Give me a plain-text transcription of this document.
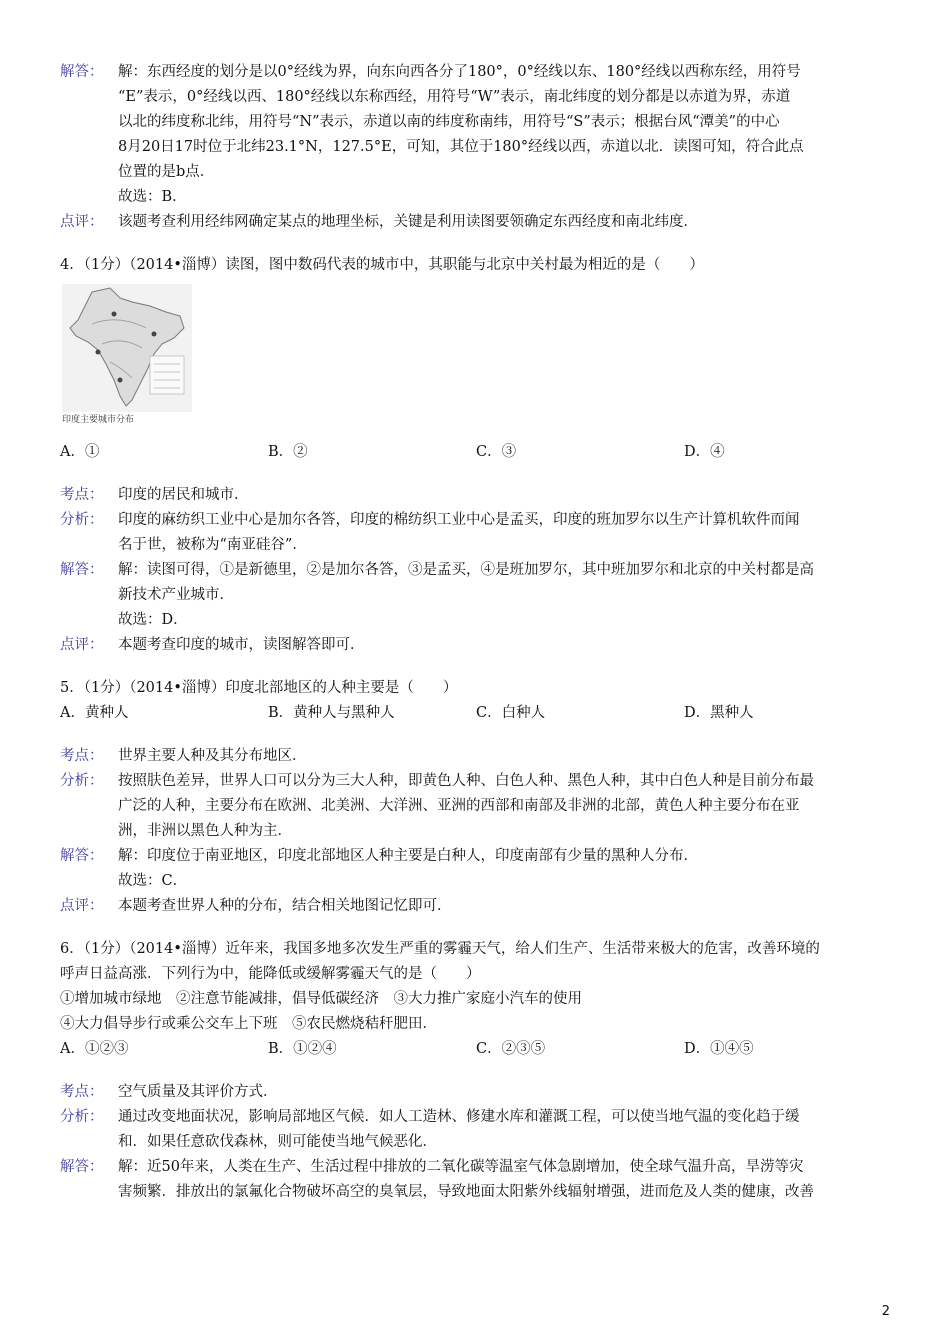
解答：	解：东西经度的划分是以0°经线为界，向东向西各分了180°，0°经线以东、180°经线以西称东经，用符号
“E”表示，0°经线以西、180°经线以东称西经，用符号“W”表示，南北纬度的划分都是以赤道为界，赤道
以北的纬度称北纬，用符号“N”表示，赤道以南的纬度称南纬，用符号“S”表示；根据台风“潭美”的中心
8月20日17时位于北纬23.1°N，127.5°E，可知，其位于180°经线以西，赤道以北．读图可知，符合此点
位置的是b点．
故选：B．
点评：	该题考查利用经纬网确定某点的地理坐标，关键是利用读图要领确定东西经度和南北纬度．
4．（1分）（2014•淄博）读图，图中数码代表的城市中，其职能与北京中关村最为相近的是（　　）
印度主要城市分布
A．①	B．②	C．③	D．④
考点：	印度的居民和城市．
分析：	印度的麻纺织工业中心是加尔各答，印度的棉纺织工业中心是孟买，印度的班加罗尔以生产计算机软件而闻
名于世，被称为“南亚硅谷”．
解答：	解：读图可得，①是新德里，②是加尔各答，③是孟买，④是班加罗尔，其中班加罗尔和北京的中关村都是高
新技术产业城市．
故选：D．
点评：	本题考查印度的城市，读图解答即可．
5．（1分）（2014•淄博）印度北部地区的人种主要是（　　）
A．黄种人	B．黄种人与黑种人	C．白种人	D．黑种人
考点：	世界主要人种及其分布地区．
分析：	按照肤色差异，世界人口可以分为三大人种，即黄色人种、白色人种、黑色人种，其中白色人种是目前分布最
广泛的人种，主要分布在欧洲、北美洲、大洋洲、亚洲的西部和南部及非洲的北部，黄色人种主要分布在亚
洲，非洲以黑色人种为主．
解答：	解：印度位于南亚地区，印度北部地区人种主要是白种人，印度南部有少量的黑种人分布．
故选：C．
点评：	本题考查世界人种的分布，结合相关地图记忆即可．
6．（1分）（2014•淄博）近年来，我国多地多次发生严重的雾霾天气，给人们生产、生活带来极大的危害，改善环境的
呼声日益高涨．下列行为中，能降低或缓解雾霾天气的是（　　）
①增加城市绿地　②注意节能减排，倡导低碳经济　③大力推广家庭小汽车的使用
④大力倡导步行或乘公交车上下班　⑤农民燃烧秸秆肥田．
A．①②③	B．①②④	C．②③⑤	D．①④⑤
考点：	空气质量及其评价方式．
分析：	通过改变地面状况，影响局部地区气候．如人工造林、修建水库和灌溉工程，可以使当地气温的变化趋于缓
和．如果任意砍伐森林，则可能使当地气候恶化．
解答：	解：近50年来，人类在生产、生活过程中排放的二氧化碳等温室气体急剧增加，使全球气温升高，旱涝等灾
害频繁．排放出的氯氟化合物破坏高空的臭氧层，导致地面太阳紫外线辐射增强，进而危及人类的健康，改善
2
